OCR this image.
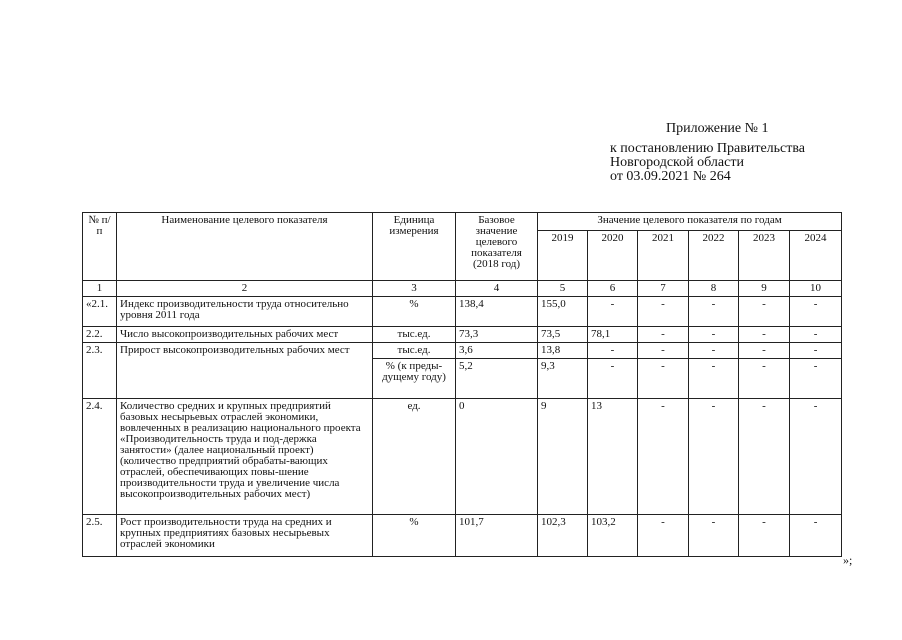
Приложение № 1
к постановлению Правительства
Новгородской области
от 03.09.2021 № 264
№ п/п	Наименование целевого показателя	Единица измерения	Базовое значение целевого показателя (2018 год)	Значение целевого показателя по годам					
				2019	2020	2021	2022	2023	2024
1	2	3	4	5	6	7	8	9	10
«2.1.	Индекс производительности труда относительно уровня 2011 года	%	138,4	155,0	-	-	-	-	-
2.2.	Число высокопроизводительных рабочих мест	тыс.ед.	73,3	73,5	78,1	-	-	-	-
2.3.	Прирост высокопроизводительных рабочих мест	тыс.ед.	3,6	13,8	-	-	-	-	-
		% (к преды-дущему году)	5,2	9,3	-	-	-	-	-
2.4.	Количество средних и крупных предприятий базовых несырьевых отраслей экономики, вовлеченных в реализацию национального проекта «Производительность труда и под-держка занятости» (далее национальный проект) (количество предприятий обрабаты-вающих отраслей, обеспечивающих повы-шение производительности труда и увеличение числа высокопроизводительных рабочих мест)	ед.	0	9	13	-	-	-	-
2.5.	Рост производительности труда на средних и крупных предприятиях базовых несырьевых отраслей экономики	%	101,7	102,3	103,2	-	-	-	-
»;
